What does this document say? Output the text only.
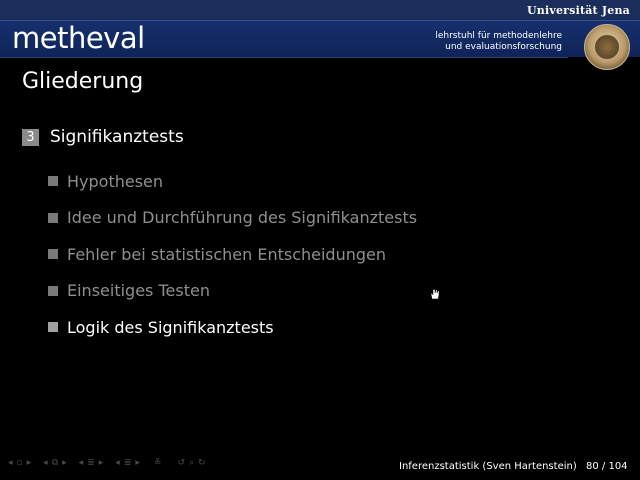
Universität Jena
metheval	lehrstuhl für methodenlehre
und evaluationsforschung
Gliederung
3 Signifikanztests
Hypothesen
Idee und Durchführung des Signifikanztests
Fehler bei statistischen Entscheidungen
Einseitiges Testen
Logik des Signifikanztests
◂ ▫ ▸ ◂ ⧉ ▸ ◂ ≣ ▸ ◂ ≣ ▸ ≚ ↺ ⌕ ↻	Inferenzstatistik (Sven Hartenstein) 80 / 104
